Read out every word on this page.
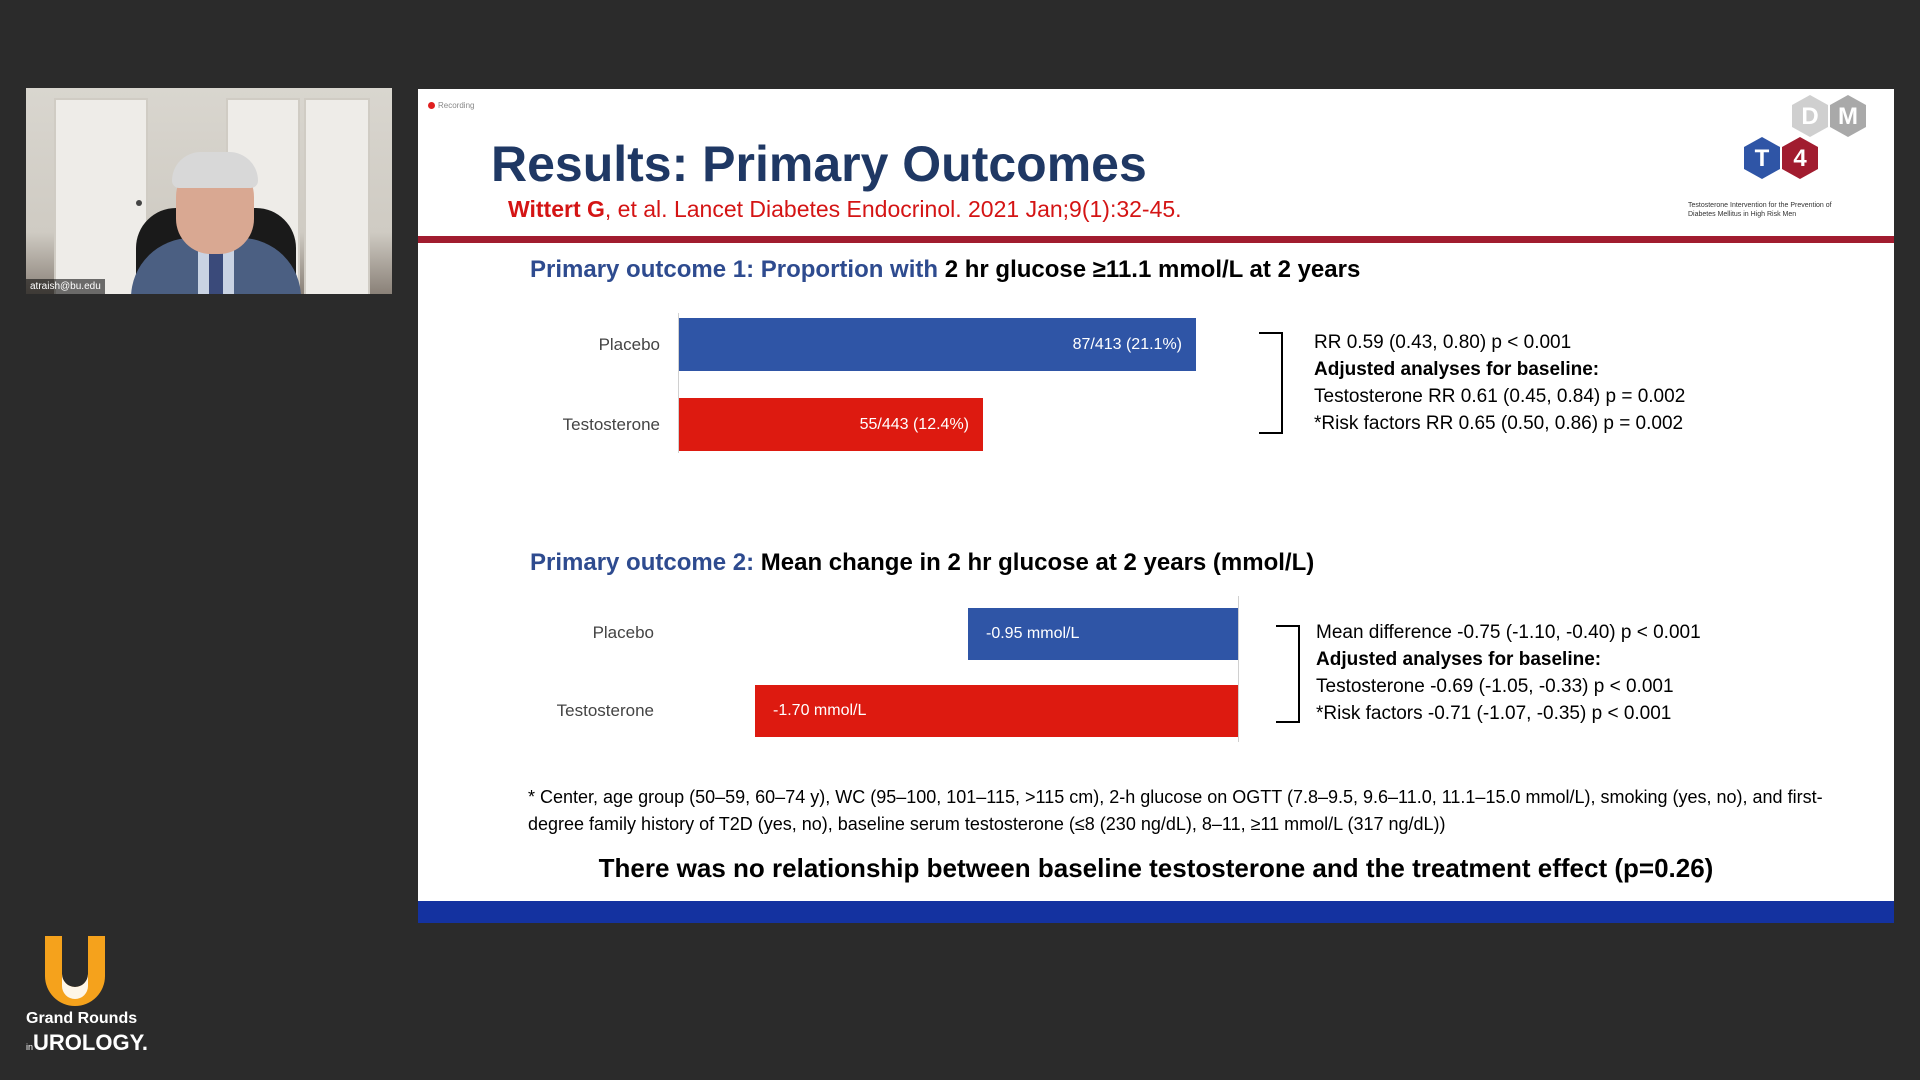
atraish@bu.edu
Recording
Results: Primary Outcomes
Wittert G, et al. Lancet Diabetes Endocrinol. 2021 Jan;9(1):32-45.
D M
T 4
Testosterone Intervention for the Prevention of Diabetes Mellitus in High Risk Men
Primary outcome 1: Proportion with 2 hr glucose ≥11.1 mmol/L at 2 years
Placebo	87/413 (21.1%)
Testosterone	55/443 (12.4%)
RR 0.59 (0.43, 0.80) p < 0.001
Adjusted analyses for baseline:
Testosterone RR 0.61 (0.45, 0.84) p = 0.002
*Risk factors RR 0.65 (0.50, 0.86) p = 0.002
Primary outcome 2: Mean change in 2 hr glucose at 2 years (mmol/L)
Placebo	-0.95 mmol/L
Testosterone	-1.70 mmol/L
Mean difference -0.75 (-1.10, -0.40) p < 0.001
Adjusted analyses for baseline:
Testosterone -0.69 (-1.05, -0.33) p < 0.001
*Risk factors -0.71 (-1.07, -0.35) p < 0.001
* Center, age group (50–59, 60–74 y), WC (95–100, 101–115, >115 cm), 2-h glucose on OGTT (7.8–9.5, 9.6–11.0, 11.1–15.0 mmol/L), smoking (yes, no), and first-degree family history of T2D (yes, no), baseline serum testosterone (≤8 (230 ng/dL), 8–11, ≥11 mmol/L (317 ng/dL))
There was no relationship between baseline testosterone and the treatment effect (p=0.26)
Grand Rounds
inUROLOGY.
